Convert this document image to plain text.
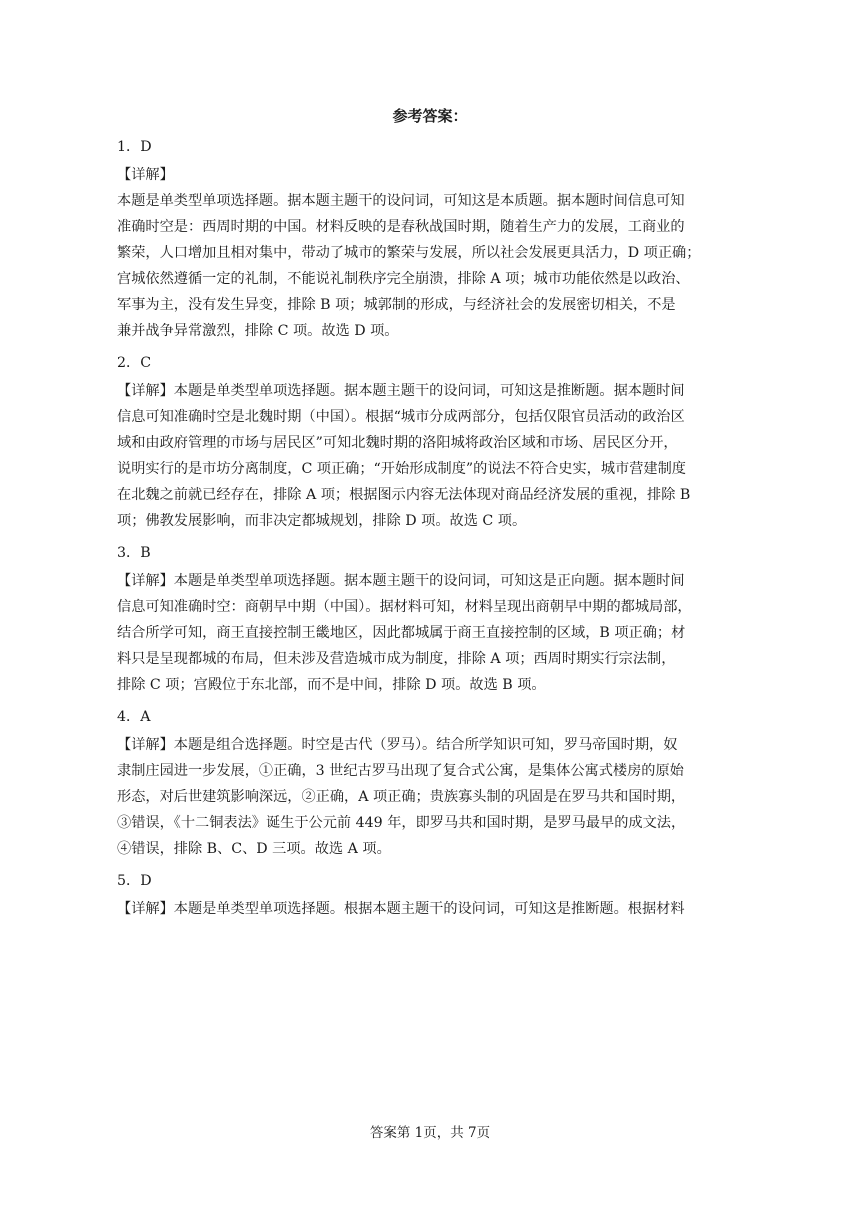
参考答案：
1．D
【详解】
本题是单类型单项选择题。据本题主题干的设问词，可知这是本质题。据本题时间信息可知
准确时空是：西周时期的中国。材料反映的是春秋战国时期，随着生产力的发展，工商业的
繁荣，人口增加且相对集中，带动了城市的繁荣与发展，所以社会发展更具活力，D 项正确；
宫城依然遵循一定的礼制，不能说礼制秩序完全崩溃，排除 A 项；城市功能依然是以政治、
军事为主，没有发生异变，排除 B 项；城郭制的形成，与经济社会的发展密切相关，不是
兼并战争异常激烈，排除 C 项。故选 D 项。
2．C
【详解】本题是单类型单项选择题。据本题主题干的设问词，可知这是推断题。据本题时间
信息可知准确时空是北魏时期（中国）。根据“城市分成两部分，包括仅限官员活动的政治区
域和由政府管理的市场与居民区”可知北魏时期的洛阳城将政治区域和市场、居民区分开，
说明实行的是市坊分离制度，C 项正确；“开始形成制度”的说法不符合史实，城市营建制度
在北魏之前就已经存在，排除 A 项；根据图示内容无法体现对商品经济发展的重视，排除 B
项；佛教发展影响，而非决定都城规划，排除 D 项。故选 C 项。
3．B
【详解】本题是单类型单项选择题。据本题主题干的设问词，可知这是正向题。据本题时间
信息可知准确时空：商朝早中期（中国）。据材料可知，材料呈现出商朝早中期的都城局部，
结合所学可知，商王直接控制王畿地区，因此都城属于商王直接控制的区域，B 项正确；材
料只是呈现都城的布局，但未涉及营造城市成为制度，排除 A 项；西周时期实行宗法制，
排除 C 项；宫殿位于东北部，而不是中间，排除 D 项。故选 B 项。
4．A
【详解】本题是组合选择题。时空是古代（罗马）。结合所学知识可知，罗马帝国时期，奴
隶制庄园进一步发展，①正确，3 世纪古罗马出现了复合式公寓，是集体公寓式楼房的原始
形态，对后世建筑影响深远，②正确，A 项正确；贵族寡头制的巩固是在罗马共和国时期，
③错误，《十二铜表法》诞生于公元前 449 年，即罗马共和国时期，是罗马最早的成文法，
④错误，排除 B、C、D 三项。故选 A 项。
5．D
【详解】本题是单类型单项选择题。根据本题主题干的设问词，可知这是推断题。根据材料
答案第 1页，共 7页
